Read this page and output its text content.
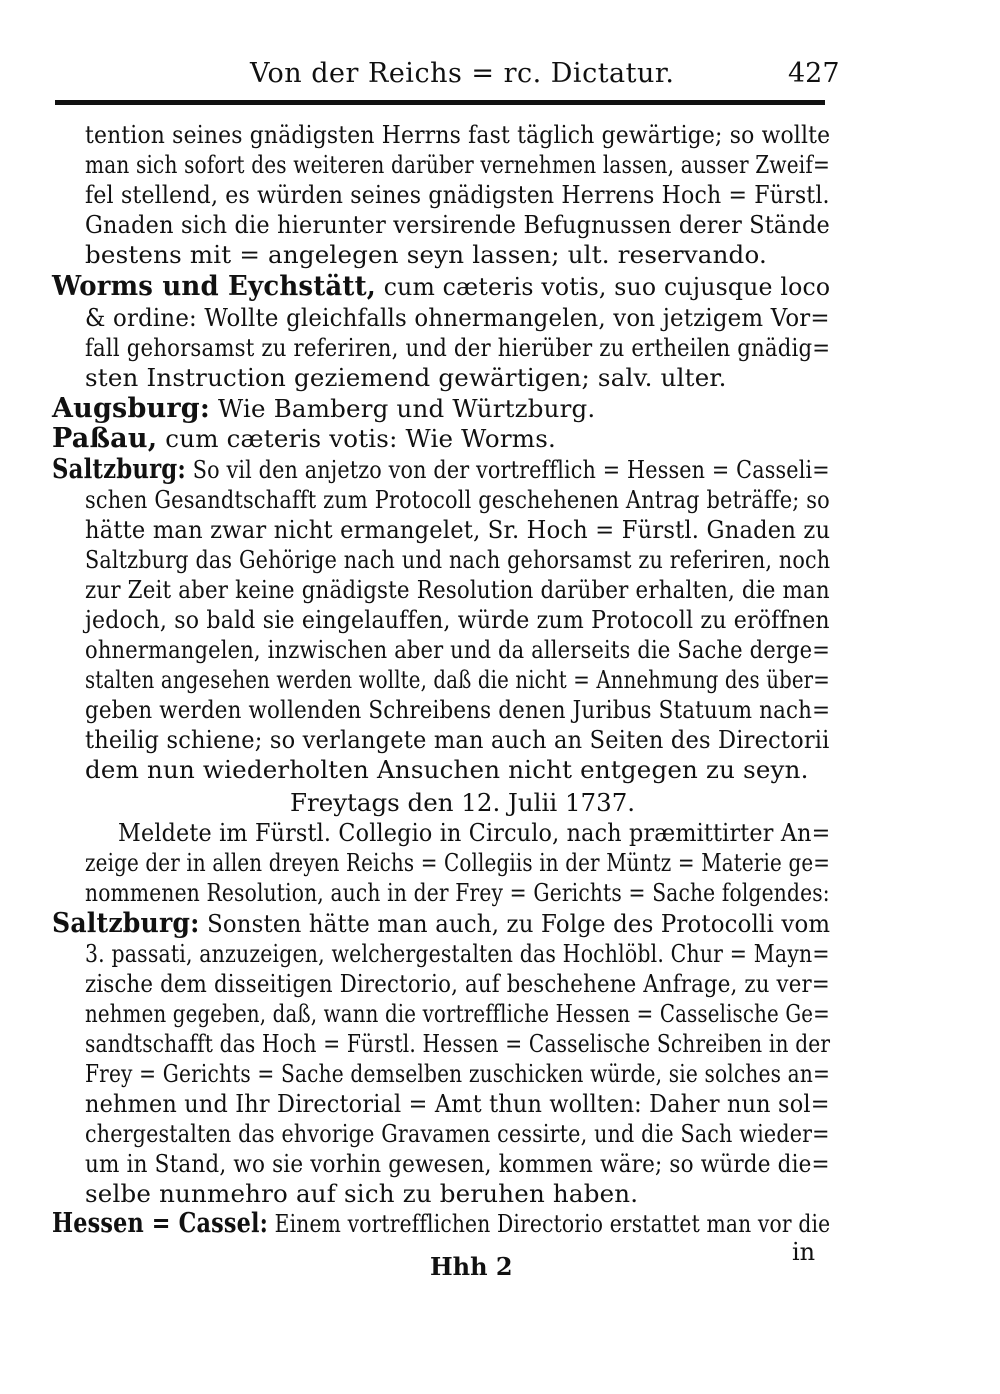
Von der Reichs = rc. Dictatur.	427
tention seines gnädigsten Herrns fast täglich gewärtige; so wollte
man sich sofort des weiteren darüber vernehmen lassen, ausser Zweif=
fel stellend, es würden seines gnädigsten Herrens Hoch = Fürstl.
Gnaden sich die hierunter versirende Befugnussen derer Stände
bestens mit = angelegen seyn lassen; ult. reservando.
Worms und Eychstätt, cum cæteris votis, suo cujusque loco
& ordine: Wollte gleichfalls ohnermangelen, von jetzigem Vor=
fall gehorsamst zu referiren, und der hierüber zu ertheilen gnädig=
sten Instruction geziemend gewärtigen; salv. ulter.
Augsburg: Wie Bamberg und Würtzburg.
Paßau, cum cæteris votis: Wie Worms.
Saltzburg: So vil den anjetzo von der vortrefflich = Hessen = Casseli=
schen Gesandtschafft zum Protocoll geschehenen Antrag beträffe; so
hätte man zwar nicht ermangelet, Sr. Hoch = Fürstl. Gnaden zu
Saltzburg das Gehörige nach und nach gehorsamst zu referiren, noch
zur Zeit aber keine gnädigste Resolution darüber erhalten, die man
jedoch, so bald sie eingelauffen, würde zum Protocoll zu eröffnen
ohnermangelen, inzwischen aber und da allerseits die Sache derge=
stalten angesehen werden wollte, daß die nicht = Annehmung des über=
geben werden wollenden Schreibens denen Juribus Statuum nach=
theilig schiene; so verlangete man auch an Seiten des Directorii
dem nun wiederholten Ansuchen nicht entgegen zu seyn.
Freytags den 12. Julii 1737.
Meldete im Fürstl. Collegio in Circulo, nach præmittirter An=
zeige der in allen dreyen Reichs = Collegiis in der Müntz = Materie ge=
nommenen Resolution, auch in der Frey = Gerichts = Sache folgendes:
Saltzburg: Sonsten hätte man auch, zu Folge des Protocolli vom
3. passati, anzuzeigen, welchergestalten das Hochlöbl. Chur = Mayn=
zische dem disseitigen Directorio, auf beschehene Anfrage, zu ver=
nehmen gegeben, daß, wann die vortreffliche Hessen = Casselische Ge=
sandtschafft das Hoch = Fürstl. Hessen = Casselische Schreiben in der
Frey = Gerichts = Sache demselben zuschicken würde, sie solches an=
nehmen und Ihr Directorial = Amt thun wollten: Daher nun sol=
chergestalten das ehvorige Gravamen cessirte, und die Sach wieder=
um in Stand, wo sie vorhin gewesen, kommen wäre; so würde die=
selbe nunmehro auf sich zu beruhen haben.
Hessen = Cassel: Einem vortrefflichen Directorio erstattet man vor die
in
Hhh 2
